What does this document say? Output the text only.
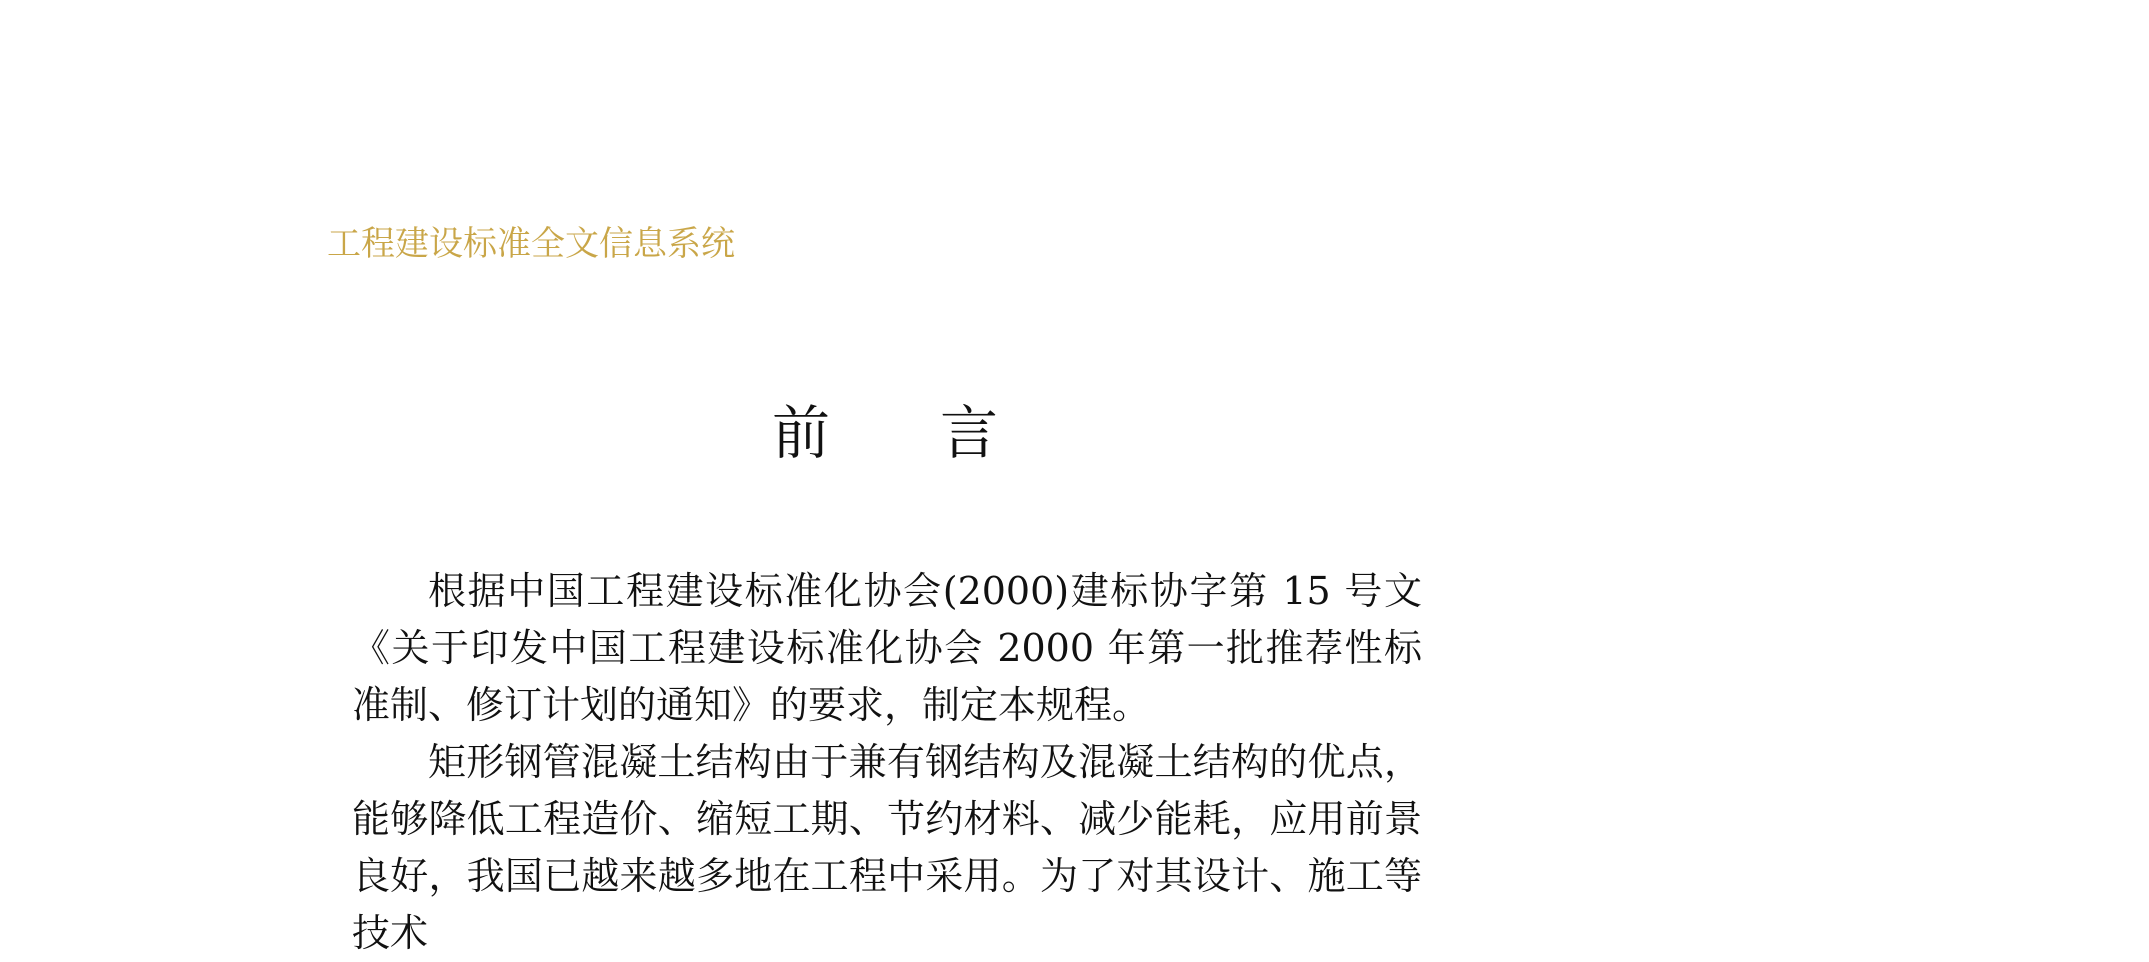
工程建设标准全文信息系统
前 言

根据中国工程建设标准化协会(2000)建标协字第 15 号文《关于印发中国工程建设标准化协会 2000 年第一批推荐性标准制、修订计划的通知》的要求，制定本规程。

矩形钢管混凝土结构由于兼有钢结构及混凝土结构的优点，能够降低工程造价、缩短工期、节约材料、减少能耗，应用前景良好，我国已越来越多地在工程中采用。为了对其设计、施工等技术
